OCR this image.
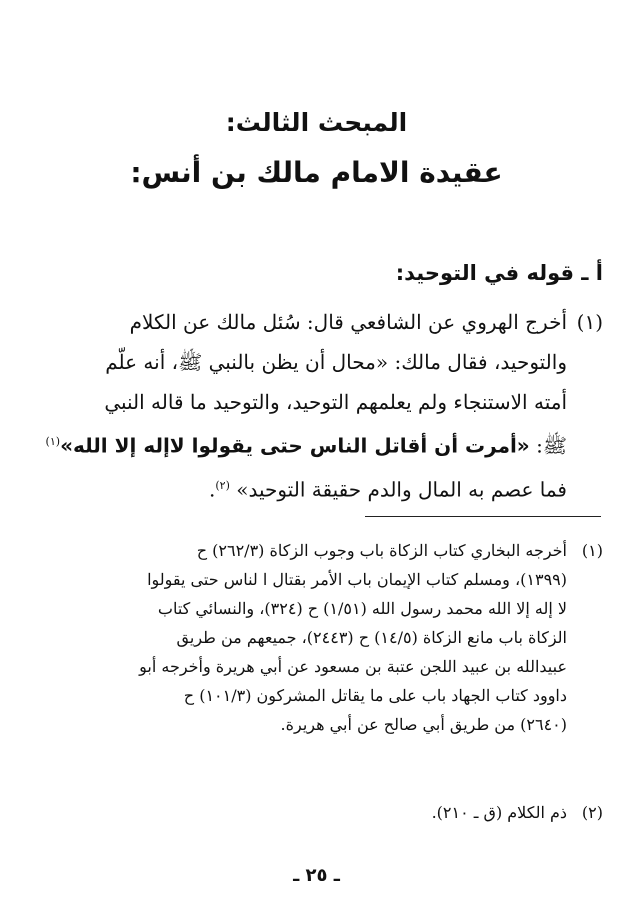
المبحث الثالث:
عقيدة الامام مالك بن أنس:
أ ـ قوله في التوحيد:
(١)أخرج الهروي عن الشافعي قال: سُئل مالك عن الكلام
والتوحيد، فقال مالك: «محال أن يظن بالنبي ﷺ، أنه علّم
أمته الاستنجاء ولم يعلمهم التوحيد، والتوحيد ما قاله النبي
ﷺ: «أمرت أن أقاتل الناس حتى يقولوا لاإله إلا الله»$^{(١)}$
فما عصم به المال والدم حقيقة التوحيد» $^{(٢)}$.
(١)أخرجه البخاري كتاب الزكاة باب وجوب الزكاة (٢٦٢/٣) ح
(١٣٩٩)، ومسلم كتاب الإيمان باب الأمر بقتال ا لناس حتى يقولوا
لا إله إلا الله محمد رسول الله (١/٥١) ح (٣٢٤)، والنسائي كتاب
الزكاة باب مانع الزكاة (١٤/٥) ح (٢٤٤٣)، جميعهم من طريق
عبيدالله بن عبيد اللجن عتبة بن مسعود عن أبي هريرة وأخرجه أبو
داوود كتاب الجهاد باب على ما يقاتل المشركون (١٠١/٣) ح
(٢٦٤٠) من طريق أبي صالح عن أبي هريرة.
(٢)ذم الكلام (ق ـ ٢١٠).
ـ ٢٥ ـ
